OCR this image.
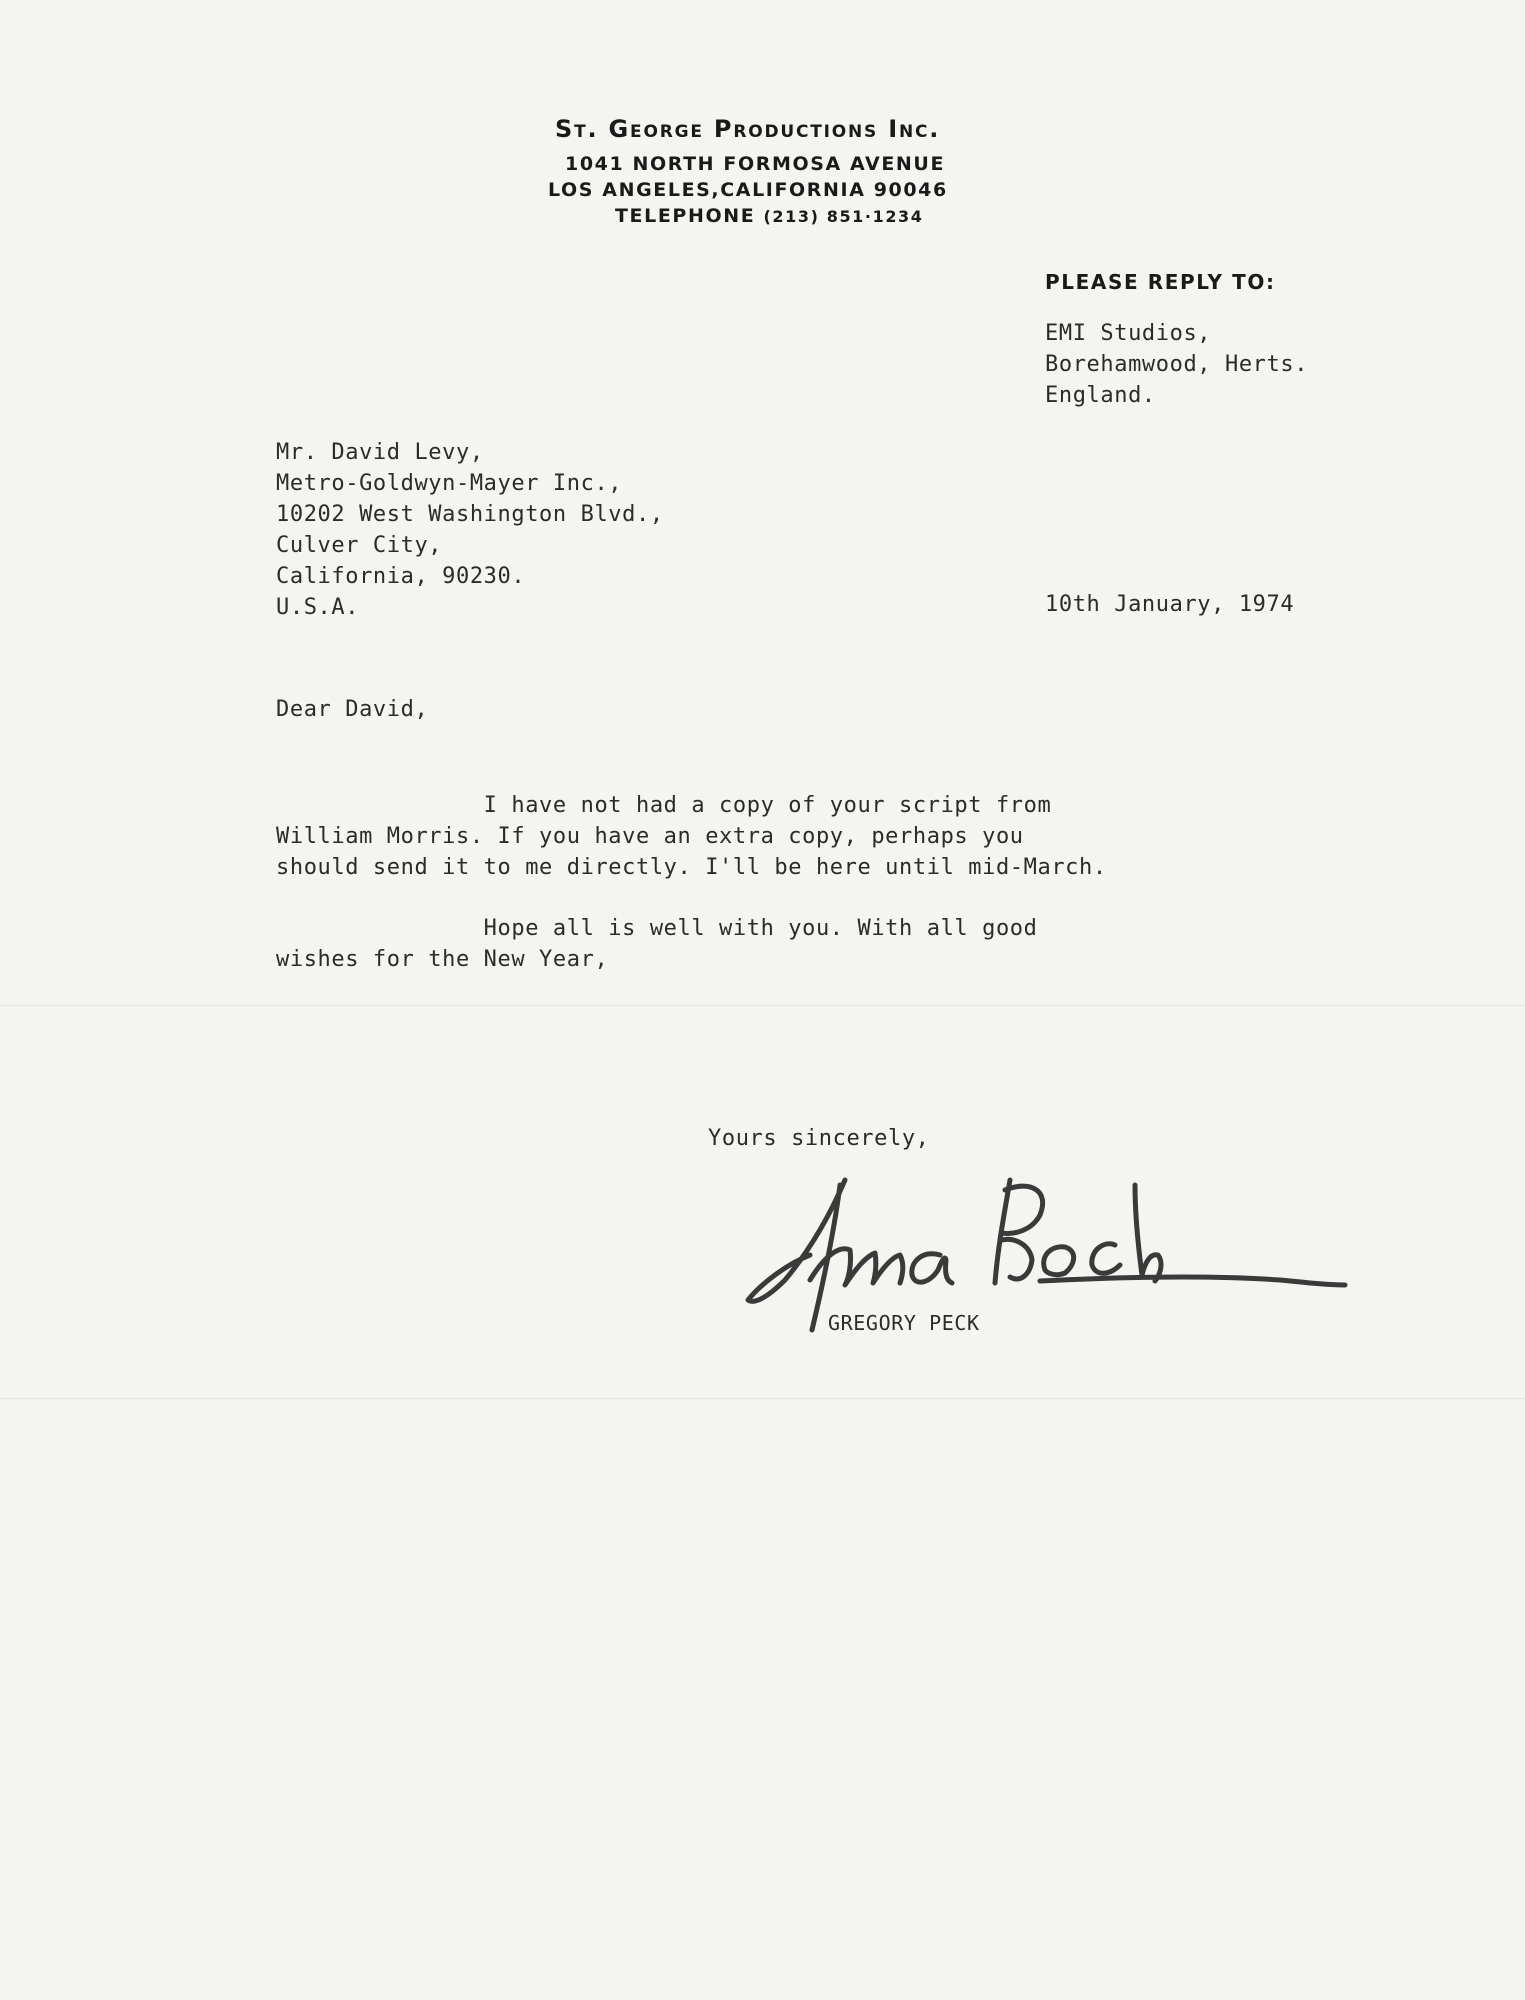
St. George Productions Inc.
1041 NORTH FORMOSA AVENUE
LOS ANGELES,CALIFORNIA 90046
TELEPHONE (213) 851·1234
PLEASE REPLY TO:
EMI Studios,
Borehamwood, Herts.
England.
Mr. David Levy,
Metro-Goldwyn-Mayer Inc.,
10202 West Washington Blvd.,
Culver City,
California, 90230.
U.S.A.	10th January, 1974
Dear David,
I have not had a copy of your script from
William Morris. If you have an extra copy, perhaps you
should send it to me directly. I'll be here until mid-March.
Hope all is well with you. With all good
wishes for the New Year,
Yours sincerely,
GREGORY PECK
